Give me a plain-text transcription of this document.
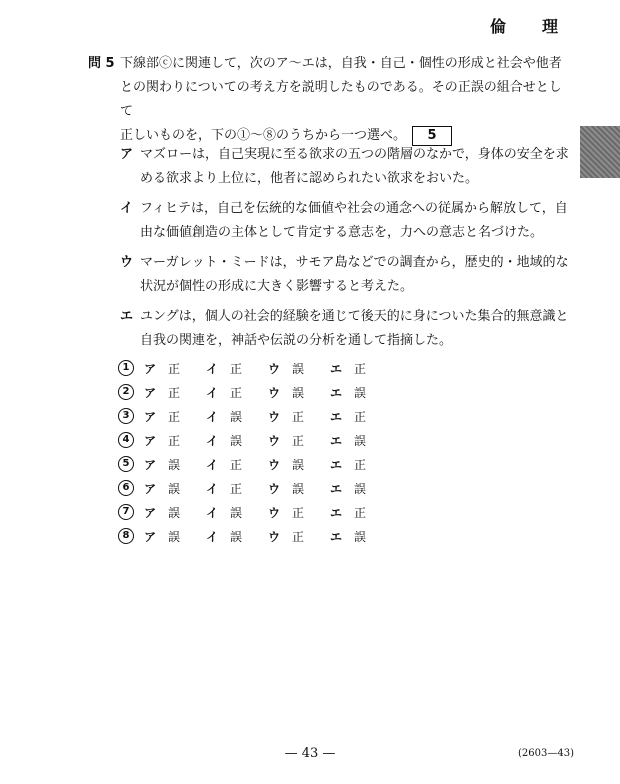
倫　理
問 5 下線部ⓒに関連して，次のア～エは，自我・自己・個性の形成と社会や他者
との関わりについての考え方を説明したものである。その正誤の組合せとして
正しいものを，下の①～⑧のうちから一つ選べ。 5
ア マズローは，自己実現に至る欲求の五つの階層のなかで，身体の安全を求
める欲求より上位に，他者に認められたい欲求をおいた。
イ フィヒテは，自己を伝統的な価値や社会の通念への従属から解放して，自
由な価値創造の主体として肯定する意志を，力への意志と名づけた。
ウ マーガレット・ミードは，サモア島などでの調査から，歴史的・地域的な
状況が個性の形成に大きく影響すると考えた。
エ ユングは，個人の社会的経験を通じて後天的に身についた集合的無意識と
自我の関連を，神話や伝説の分析を通して指摘した。
1	ア 正	イ 正	ウ 誤	エ 正
2	ア 正	イ 正	ウ 誤	エ 誤
3	ア 正	イ 誤	ウ 正	エ 正
4	ア 正	イ 誤	ウ 正	エ 誤
5	ア 誤	イ 正	ウ 誤	エ 正
6	ア 誤	イ 正	ウ 誤	エ 誤
7	ア 誤	イ 誤	ウ 正	エ 正
8	ア 誤	イ 誤	ウ 正	エ 誤
— 43 —	(2603—43)
